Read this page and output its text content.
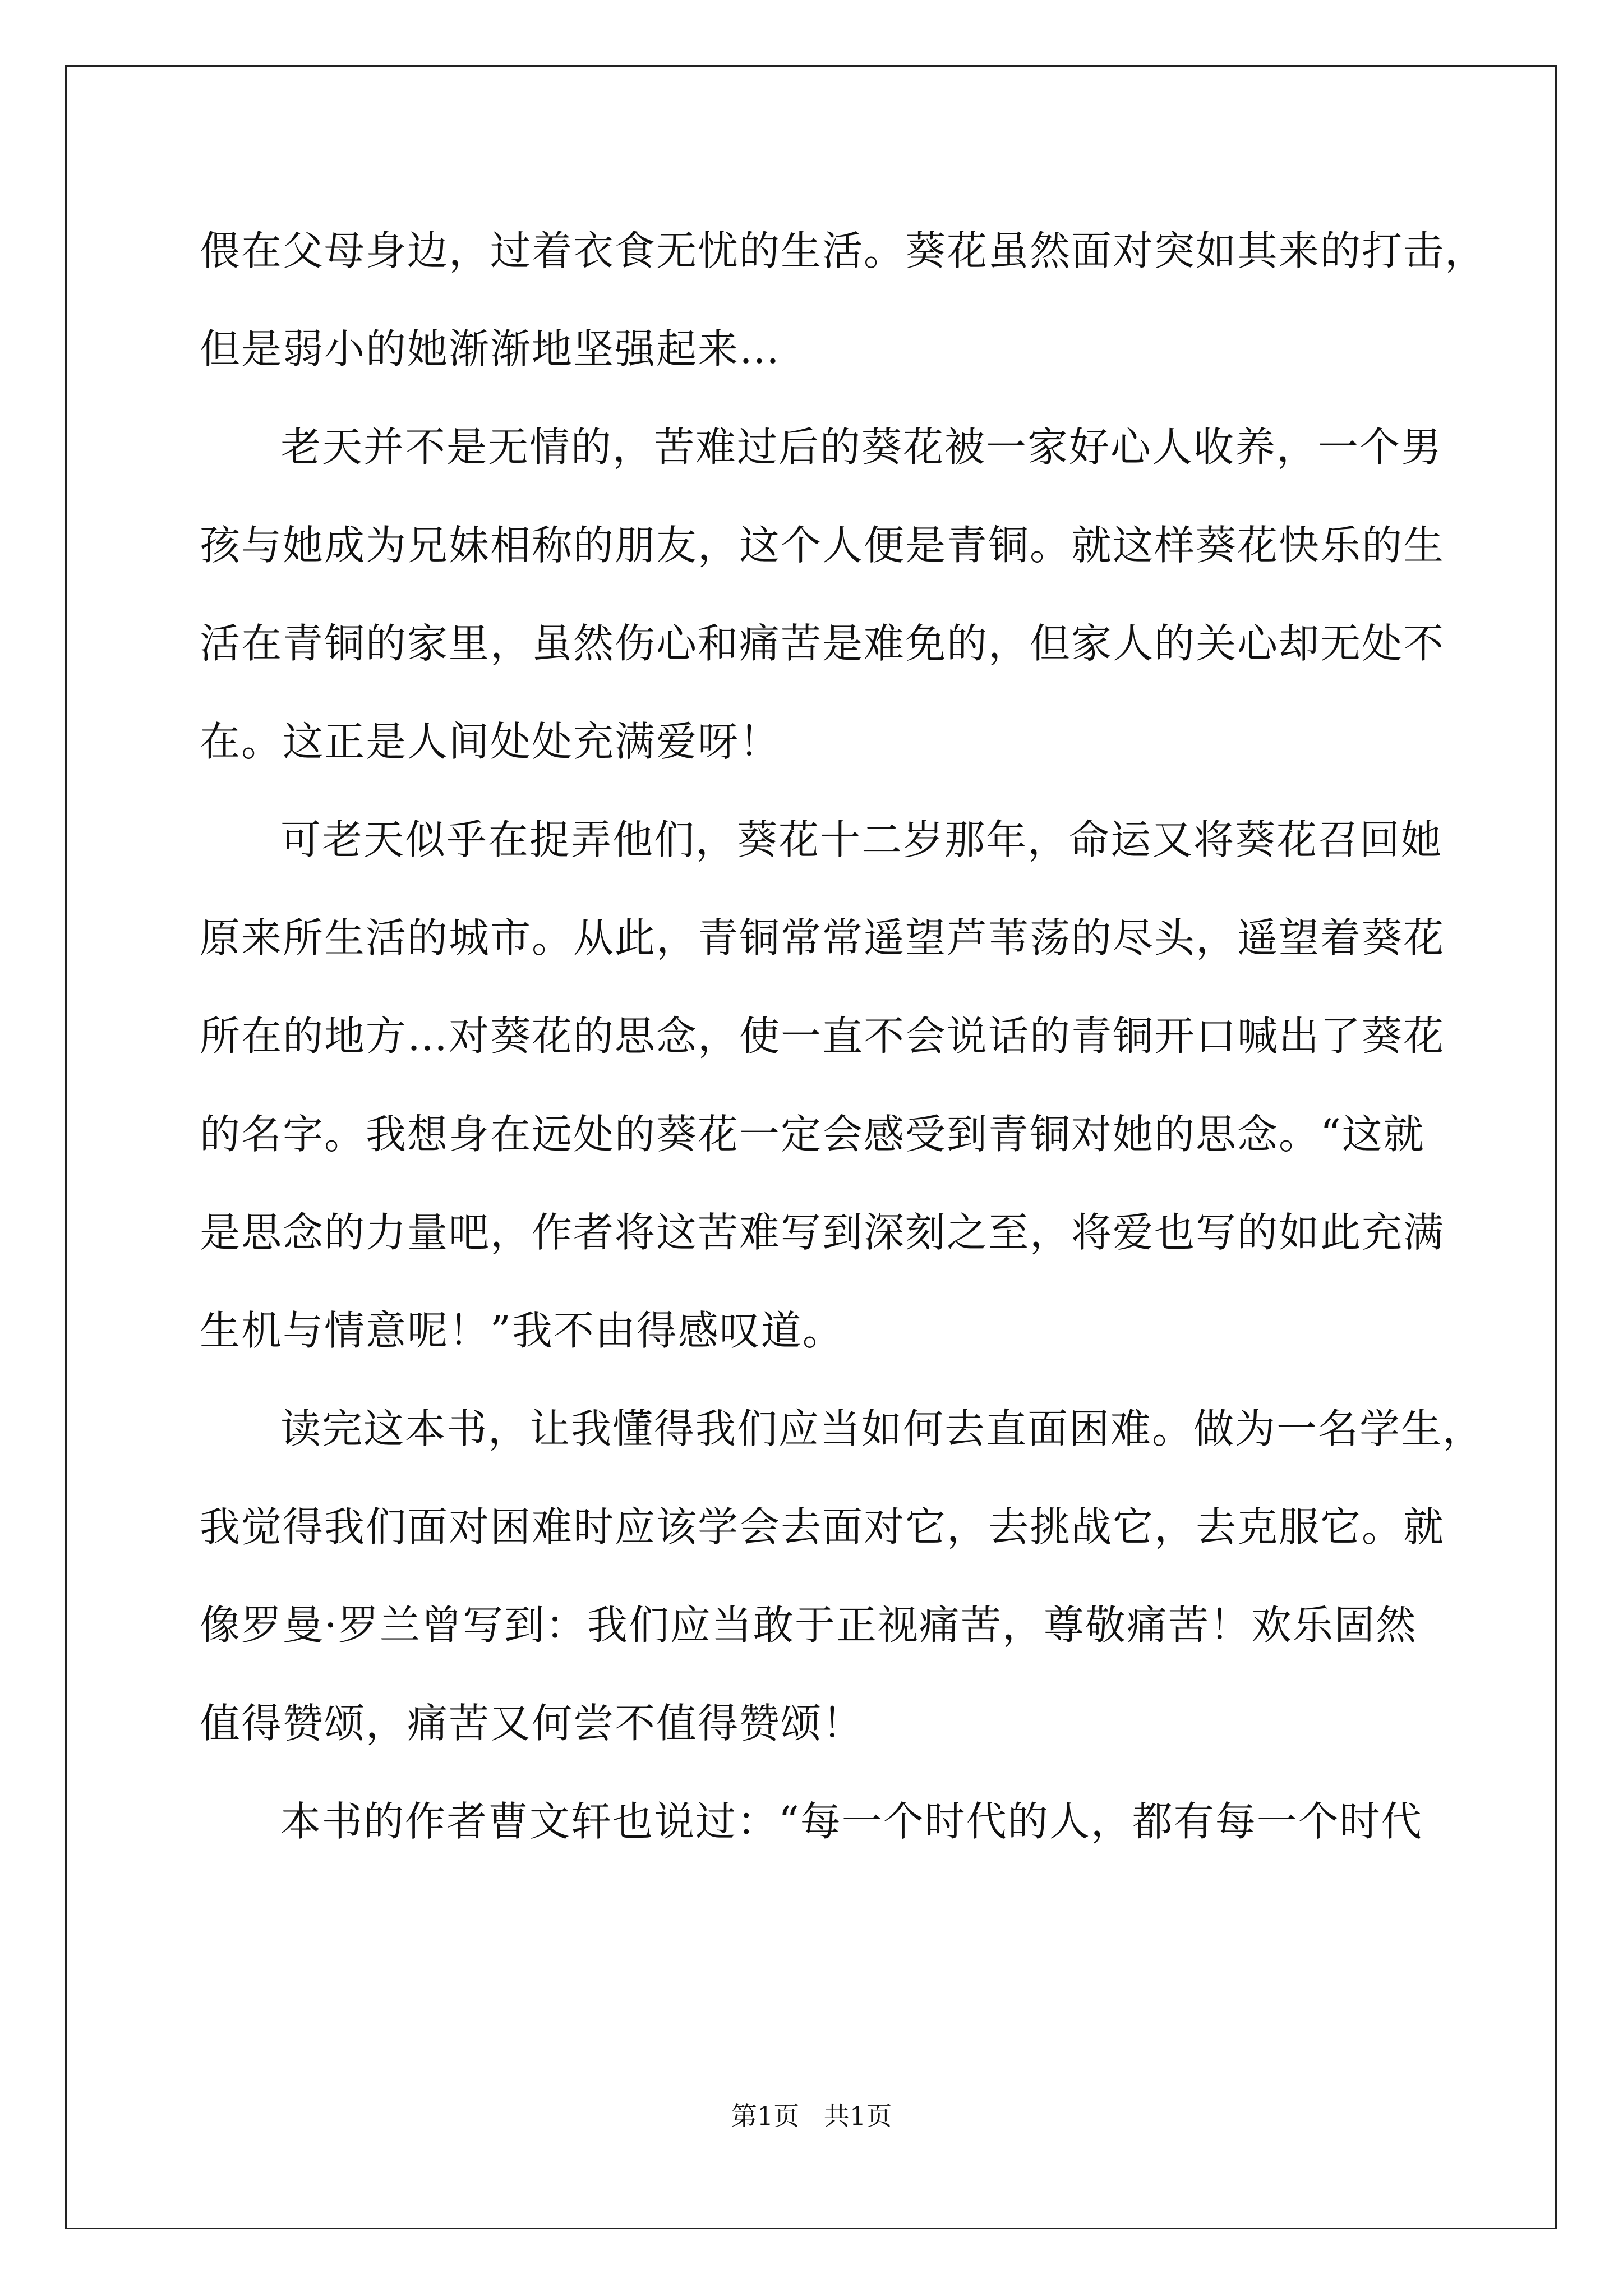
偎在父母身边，过着衣食无忧的生活。葵花虽然面对突如其来的打击，
但是弱小的她渐渐地坚强起来…

老天并不是无情的，苦难过后的葵花被一家好心人收养，一个男
孩与她成为兄妹相称的朋友，这个人便是青铜。就这样葵花快乐的生
活在青铜的家里，虽然伤心和痛苦是难免的，但家人的关心却无处不
在。这正是人间处处充满爱呀！

可老天似乎在捉弄他们，葵花十二岁那年，命运又将葵花召回她
原来所生活的城市。从此，青铜常常遥望芦苇荡的尽头，遥望着葵花
所在的地方…对葵花的思念，使一直不会说话的青铜开口喊出了葵花
的名字。我想身在远处的葵花一定会感受到青铜对她的思念。“这就
是思念的力量吧，作者将这苦难写到深刻之至，将爱也写的如此充满
生机与情意呢！”我不由得感叹道。

读完这本书，让我懂得我们应当如何去直面困难。做为一名学生，
我觉得我们面对困难时应该学会去面对它，去挑战它，去克服它。就
像罗曼·罗兰曾写到：我们应当敢于正视痛苦，尊敬痛苦！欢乐固然
值得赞颂，痛苦又何尝不值得赞颂！

本书的作者曹文轩也说过：“每一个时代的人，都有每一个时代

第1页   共1页
